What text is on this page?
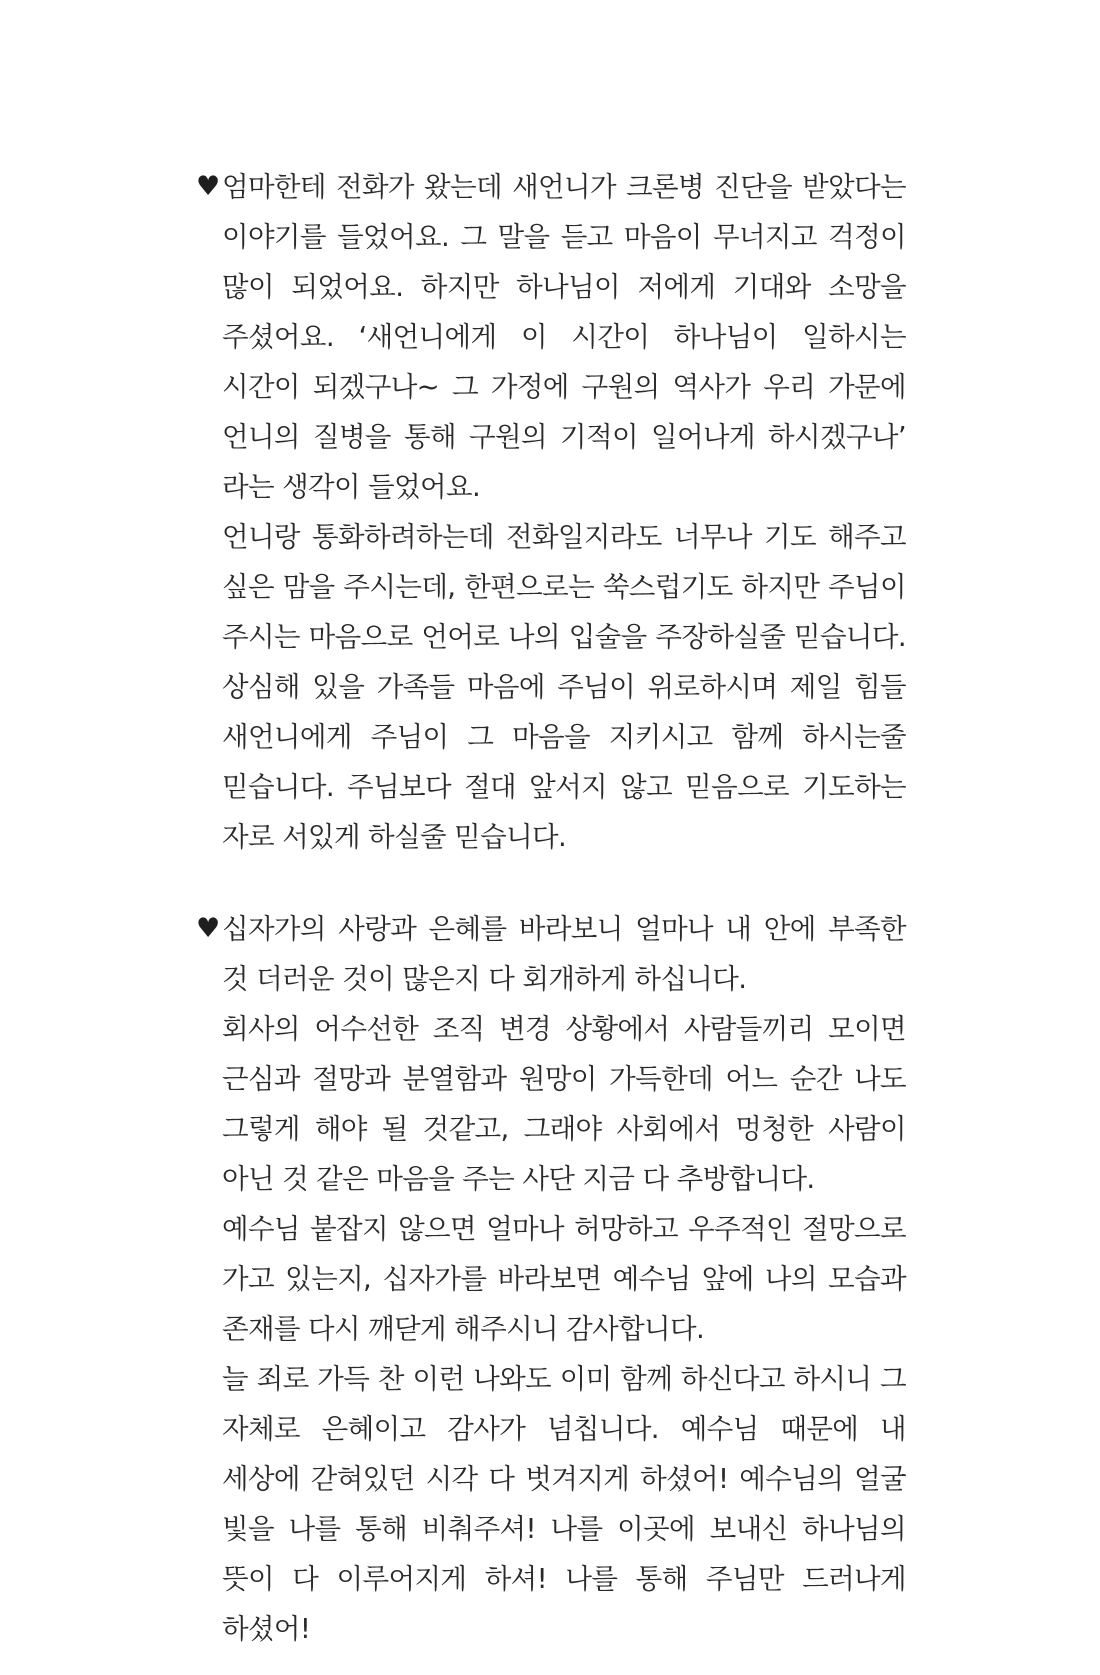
♥ 엄마한테 전화가 왔는데 새언니가 크론병 진단을 받았다는 이야기를 들었어요. 그 말을 듣고 마음이 무너지고 걱정이 많이 되었어요. 하지만 하나님이 저에게 기대와 소망을 주셨어요. ‘새언니에게 이 시간이 하나님이 일하시는 시간이 되겠구나~ 그 가정에 구원의 역사가 우리 가문에 언니의 질병을 통해 구원의 기적이 일어나게 하시겠구나’ 라는 생각이 들었어요.

언니랑 통화하려하는데 전화일지라도 너무나 기도 해주고 싶은 맘을 주시는데, 한편으로는 쑥스럽기도 하지만 주님이 주시는 마음으로 언어로 나의 입술을 주장하실줄 믿습니다. 상심해 있을 가족들 마음에 주님이 위로하시며 제일 힘들 새언니에게 주님이 그 마음을 지키시고 함께 하시는줄 믿습니다. 주님보다 절대 앞서지 않고 믿음으로 기도하는 자로 서있게 하실줄 믿습니다.

♥ 십자가의 사랑과 은혜를 바라보니 얼마나 내 안에 부족한 것 더러운 것이 많은지 다 회개하게 하십니다.

회사의 어수선한 조직 변경 상황에서 사람들끼리 모이면 근심과 절망과 분열함과 원망이 가득한데 어느 순간 나도 그렇게 해야 될 것같고, 그래야 사회에서 멍청한 사람이 아닌 것 같은 마음을 주는 사단 지금 다 추방합니다.

예수님 붙잡지 않으면 얼마나 허망하고 우주적인 절망으로 가고 있는지, 십자가를 바라보면 예수님 앞에 나의 모습과 존재를 다시 깨닫게 해주시니 감사합니다.

늘 죄로 가득 찬 이런 나와도 이미 함께 하신다고 하시니 그 자체로 은혜이고 감사가 넘칩니다. 예수님 때문에 내 세상에 갇혀있던 시각 다 벗겨지게 하셨어! 예수님의 얼굴 빛을 나를 통해 비춰주셔! 나를 이곳에 보내신 하나님의 뜻이 다 이루어지게 하셔! 나를 통해 주님만 드러나게 하셨어!
